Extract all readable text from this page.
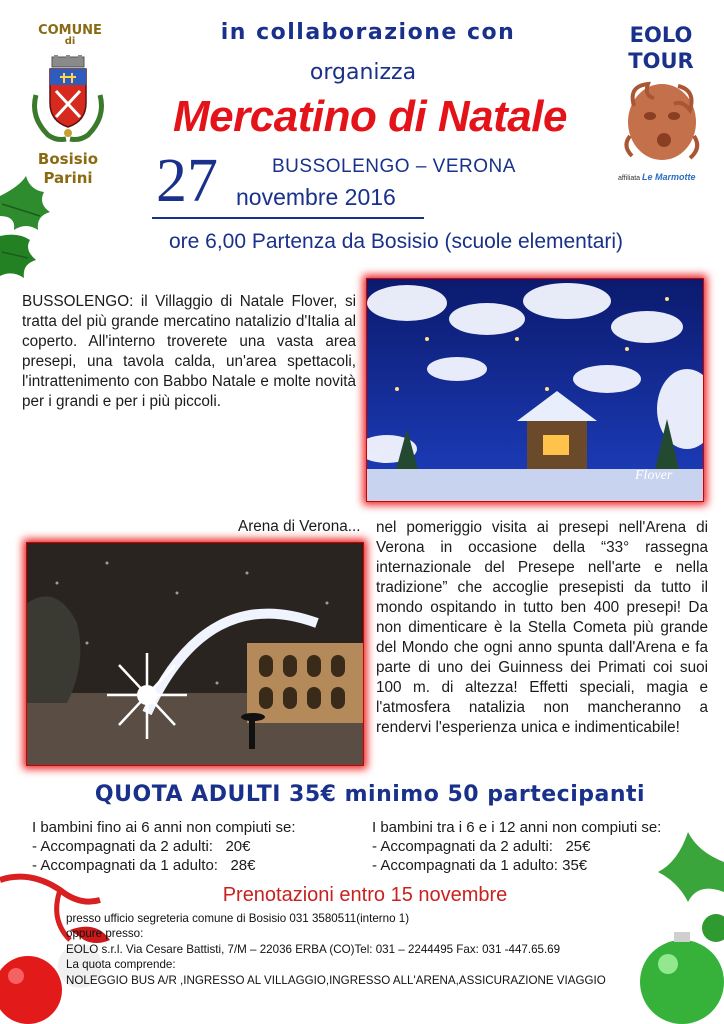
COMUNE
di
Bosisio
Parini
in collaborazione con
organizza
Mercatino di Natale
27	BUSSOLENGO – VERONA
novembre 2016
EOLO
TOUR
affiliata Le Marmotte
ore 6,00 Partenza da Bosisio (scuole elementari)
BUSSOLENGO: il Villaggio di Natale Flover, si tratta del più grande mercatino natalizio d'Italia al coperto. All'interno troverete una vasta area presepi, una tavola calda, un'area spettacoli, l'intrattenimento con Babbo Natale e molte novità per i grandi e per i più piccoli.
Flover
Arena di Verona... nel pomeriggio visita ai presepi nell'Arena di Verona in occasione della “33° rassegna internazionale del Presepe nell'arte e nella tradizione” che accoglie presepisti da tutto il mondo ospitando in tutto ben 400 presepi! Da non dimenticare è la Stella Cometa più grande del Mondo che ogni anno spunta dall'Arena e fa parte di uno dei Guinness dei Primati coi suoi 100 m. di altezza! Effetti speciali, magia e l'atmosfera natalizia non mancheranno a rendervi l'esperienza unica e indimenticabile!
QUOTA ADULTI 35€ minimo 50 partecipanti
I bambini fino ai 6 anni non compiuti se:
- Accompagnati da 2 adulti:   20€
- Accompagnati da 1 adulto:   28€
I bambini tra i 6 e i 12 anni non compiuti se:
- Accompagnati da 2 adulti:   25€
- Accompagnati da 1 adulto: 35€
Prenotazioni entro 15 novembre
presso ufficio segreteria comune di Bosisio 031 3580511(interno 1)
oppure presso:
EOLO s.r.l. Via Cesare Battisti, 7/M – 22036 ERBA (CO)Tel: 031 – 2244495 Fax: 031 -447.65.69
La quota comprende:
NOLEGGIO BUS A/R ,INGRESSO AL VILLAGGIO,INGRESSO ALL'ARENA,ASSICURAZIONE VIAGGIO
